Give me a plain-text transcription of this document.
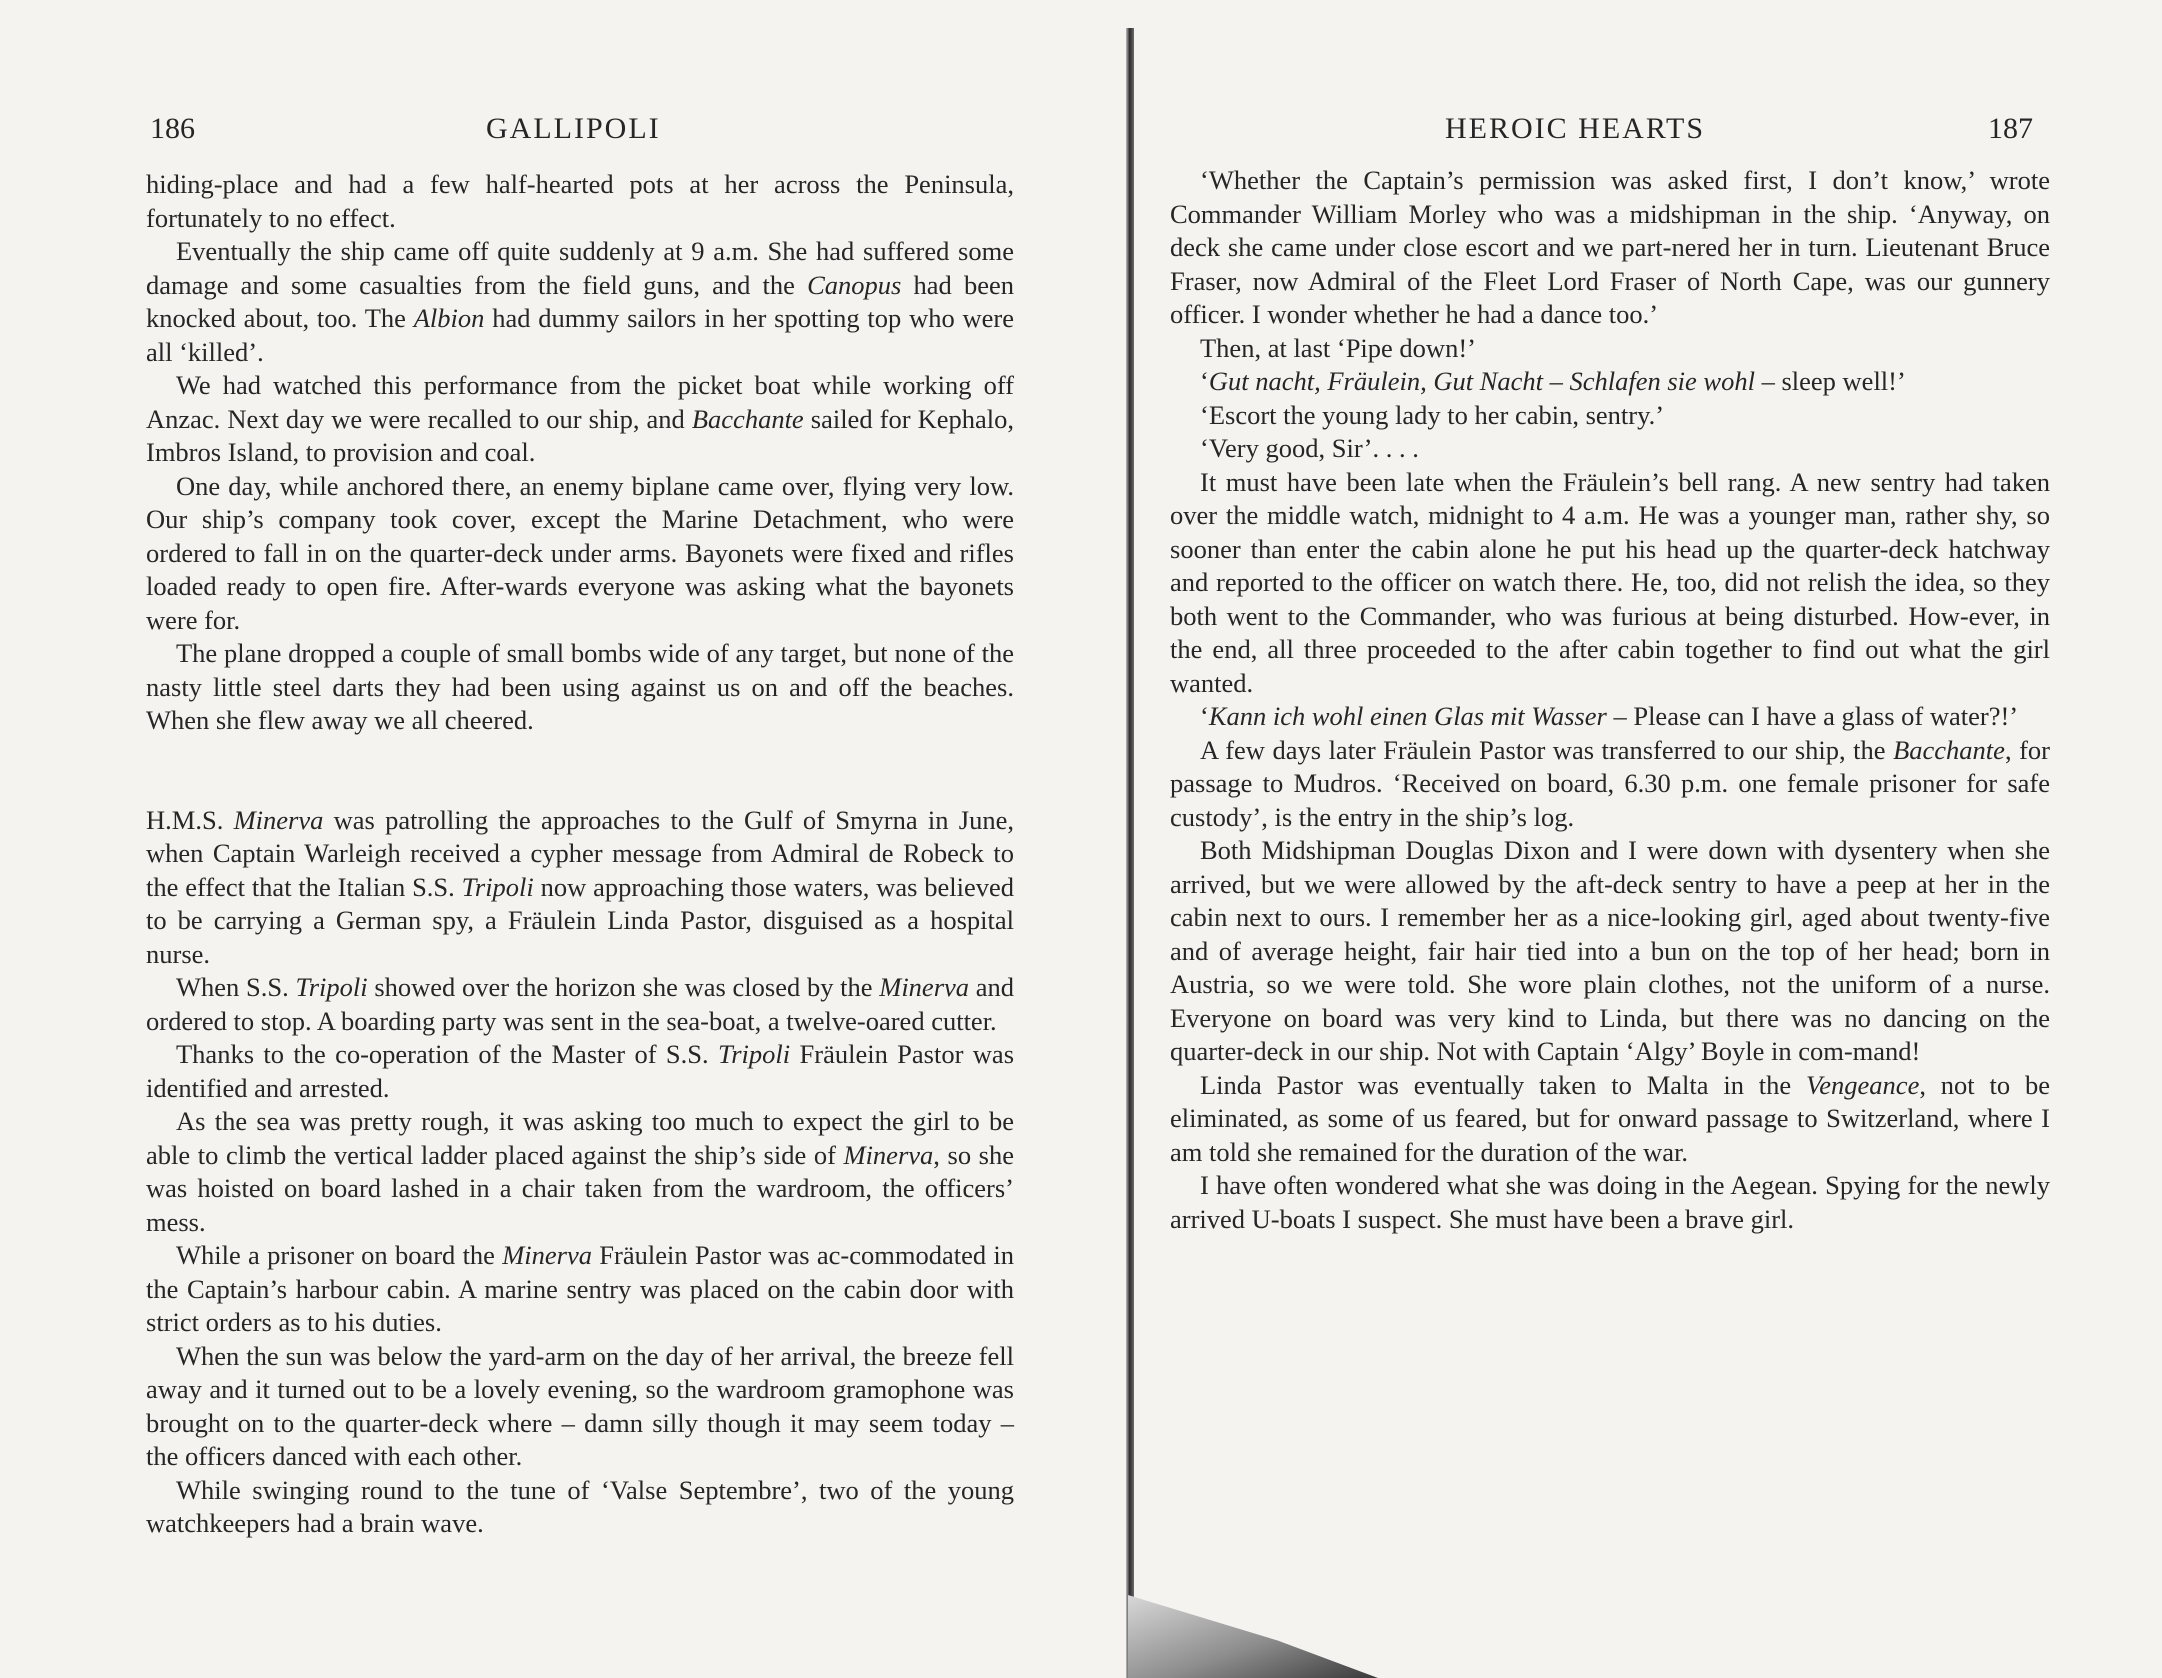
186	GALLIPOLI

hiding-place and had a few half-hearted pots at her across the Peninsula, fortunately to no effect.

Eventually the ship came off quite suddenly at 9 a.m. She had suffered some damage and some casualties from the field guns, and the Canopus had been knocked about, too. The Albion had dummy sailors in her spotting top who were all ‘killed’.

We had watched this performance from the picket boat while working off Anzac. Next day we were recalled to our ship, and Bacchante sailed for Kephalo, Imbros Island, to provision and coal.

One day, while anchored there, an enemy biplane came over, flying very low. Our ship’s company took cover, except the Marine Detachment, who were ordered to fall in on the quarter-deck under arms. Bayonets were fixed and rifles loaded ready to open fire. After-wards everyone was asking what the bayonets were for.

The plane dropped a couple of small bombs wide of any target, but none of the nasty little steel darts they had been using against us on and off the beaches. When she flew away we all cheered.

H.M.S. Minerva was patrolling the approaches to the Gulf of Smyrna in June, when Captain Warleigh received a cypher message from Admiral de Robeck to the effect that the Italian S.S. Tripoli now approaching those waters, was believed to be carrying a German spy, a Fräulein Linda Pastor, disguised as a hospital nurse.

When S.S. Tripoli showed over the horizon she was closed by the Minerva and ordered to stop. A boarding party was sent in the sea-boat, a twelve-oared cutter.

Thanks to the co-operation of the Master of S.S. Tripoli Fräulein Pastor was identified and arrested.

As the sea was pretty rough, it was asking too much to expect the girl to be able to climb the vertical ladder placed against the ship’s side of Minerva, so she was hoisted on board lashed in a chair taken from the wardroom, the officers’ mess.

While a prisoner on board the Minerva Fräulein Pastor was ac-commodated in the Captain’s harbour cabin. A marine sentry was placed on the cabin door with strict orders as to his duties.

When the sun was below the yard-arm on the day of her arrival, the breeze fell away and it turned out to be a lovely evening, so the wardroom gramophone was brought on to the quarter-deck where – damn silly though it may seem today – the officers danced with each other.

While swinging round to the tune of ‘Valse Septembre’, two of the young watchkeepers had a brain wave.

HEROIC HEARTS	187

‘Whether the Captain’s permission was asked first, I don’t know,’ wrote Commander William Morley who was a midshipman in the ship. ‘Anyway, on deck she came under close escort and we part-nered her in turn. Lieutenant Bruce Fraser, now Admiral of the Fleet Lord Fraser of North Cape, was our gunnery officer. I wonder whether he had a dance too.’

Then, at last ‘Pipe down!’

‘Gut nacht, Fräulein, Gut Nacht – Schlafen sie wohl – sleep well!’

‘Escort the young lady to her cabin, sentry.’

‘Very good, Sir’. . . .

It must have been late when the Fräulein’s bell rang. A new sentry had taken over the middle watch, midnight to 4 a.m. He was a younger man, rather shy, so sooner than enter the cabin alone he put his head up the quarter-deck hatchway and reported to the officer on watch there. He, too, did not relish the idea, so they both went to the Commander, who was furious at being disturbed. How-ever, in the end, all three proceeded to the after cabin together to find out what the girl wanted.

‘Kann ich wohl einen Glas mit Wasser – Please can I have a glass of water?!’

A few days later Fräulein Pastor was transferred to our ship, the Bacchante, for passage to Mudros. ‘Received on board, 6.30 p.m. one female prisoner for safe custody’, is the entry in the ship’s log.

Both Midshipman Douglas Dixon and I were down with dysentery when she arrived, but we were allowed by the aft-deck sentry to have a peep at her in the cabin next to ours. I remember her as a nice-looking girl, aged about twenty-five and of average height, fair hair tied into a bun on the top of her head; born in Austria, so we were told. She wore plain clothes, not the uniform of a nurse. Everyone on board was very kind to Linda, but there was no dancing on the quarter-deck in our ship. Not with Captain ‘Algy’ Boyle in com-mand!

Linda Pastor was eventually taken to Malta in the Vengeance, not to be eliminated, as some of us feared, but for onward passage to Switzerland, where I am told she remained for the duration of the war.

I have often wondered what she was doing in the Aegean. Spying for the newly arrived U-boats I suspect. She must have been a brave girl.
